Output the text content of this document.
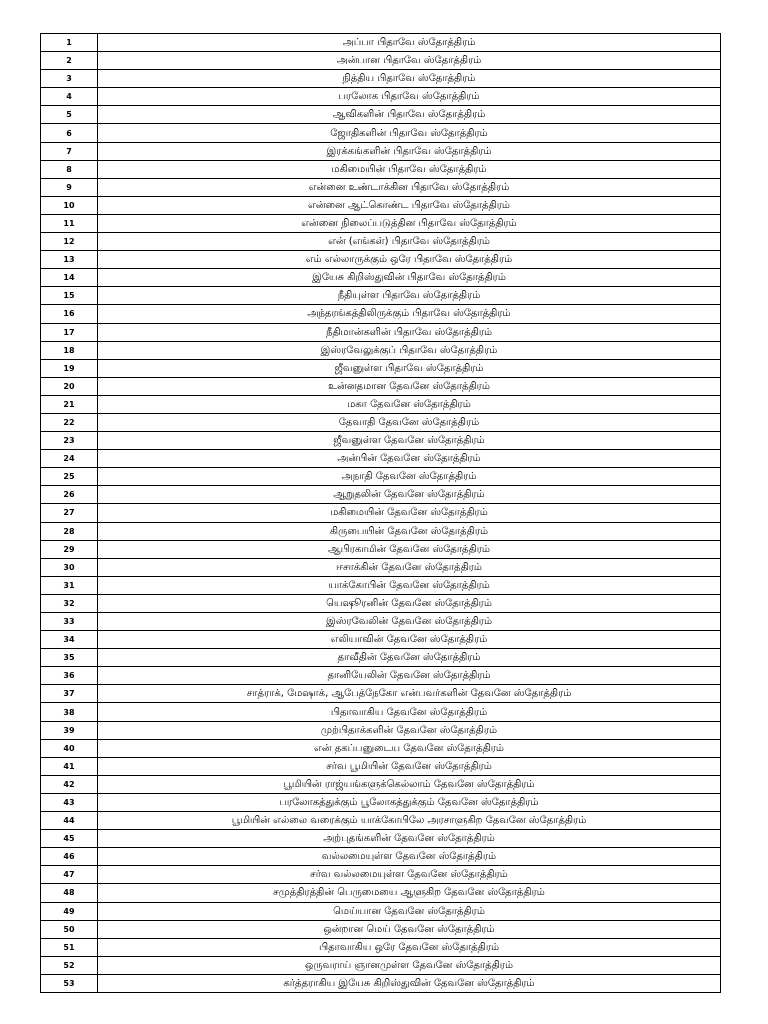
1	அப்பா பிதாவே ஸ்தோத்திரம்
2	அன்பான பிதாவே ஸ்தோத்திரம்
3	நித்திய பிதாவே ஸ்தோத்திரம்
4	பரலோக பிதாவே ஸ்தோத்திரம்
5	ஆவிகளின் பிதாவே ஸ்தோத்திரம்
6	ஜோதிகளின் பிதாவே ஸ்தோத்திரம்
7	இரக்கங்களின் பிதாவே ஸ்தோத்திரம்
8	மகிமையின் பிதாவே ஸ்தோத்திரம்
9	என்னை உண்டாக்கின பிதாவே ஸ்தோத்திரம்
10	என்னை ஆட்கொண்ட பிதாவே ஸ்தோத்திரம்
11	என்னை நிலைப்படுத்தின பிதாவே ஸ்தோத்திரம்
12	என் (எங்கள்) பிதாவே ஸ்தோத்திரம்
13	எம் எல்லாருக்கும் ஒரே பிதாவே ஸ்தோத்திரம்
14	இயேசு கிறிஸ்துவின் பிதாவே ஸ்தோத்திரம்
15	நீதியுள்ள பிதாவே ஸ்தோத்திரம்
16	அந்தரங்கத்திலிருக்கும் பிதாவே ஸ்தோத்திரம்
17	நீதிமான்களின் பிதாவே ஸ்தோத்திரம்
18	இஸ்ரவேலுக்குப் பிதாவே ஸ்தோத்திரம்
19	ஜீவனுள்ள பிதாவே ஸ்தோத்திரம்
20	உன்னதமான தேவனே ஸ்தோத்திரம்
21	மகா தேவனே ஸ்தோத்திரம்
22	தேவாதி தேவனே ஸ்தோத்திரம்
23	ஜீவனுள்ள தேவனே ஸ்தோத்திரம்
24	அன்பின் தேவனே ஸ்தோத்திரம்
25	அநாதி தேவனே ஸ்தோத்திரம்
26	ஆறுதலின் தேவனே ஸ்தோத்திரம்
27	மகிமையின் தேவனே ஸ்தோத்திரம்
28	கிருபையின் தேவனே ஸ்தோத்திரம்
29	ஆபிரகாமின் தேவனே ஸ்தோத்திரம்
30	ஈசாக்கின் தேவனே ஸ்தோத்திரம்
31	யாக்கோபின் தேவனே ஸ்தோத்திரம்
32	யெஷூரனின் தேவனே ஸ்தோத்திரம்
33	இஸ்ரவேலின் தேவனே ஸ்தோத்திரம்
34	எலியாவின் தேவனே ஸ்தோத்திரம்
35	தாவீதின் தேவனே ஸ்தோத்திரம்
36	தானியேலின் தேவனே ஸ்தோத்திரம்
37	சாத்ராக், மேஷாக், ஆபேத்நேகோ என்பவர்களின் தேவனே ஸ்தோத்திரம்
38	பிதாவாகிய தேவனே ஸ்தோத்திரம்
39	முற்பிதாக்களின் தேவனே ஸ்தோத்திரம்
40	என் தகப்பனுடைய தேவனே ஸ்தோத்திரம்
41	சர்வ பூமியின் தேவனே ஸ்தோத்திரம்
42	பூமியின் ராஜ்யங்களுக்கெல்லாம் தேவனே ஸ்தோத்திரம்
43	பரலோகத்துக்கும் பூலோகத்துக்கும் தேவனே ஸ்தோத்திரம்
44	பூமியின் எல்லை வரைக்கும் யாக்கோபிலே அரசாளுகிற தேவனே ஸ்தோத்திரம்
45	அற்புதங்களின் தேவனே ஸ்தோத்திரம்
46	வல்லமையுள்ள தேவனே ஸ்தோத்திரம்
47	சர்வ வல்லமையுள்ள தேவனே ஸ்தோத்திரம்
48	சமுத்திரத்தின் பெருமையை ஆளுகிற தேவனே ஸ்தோத்திரம்
49	மெய்யான தேவனே ஸ்தோத்திரம்
50	ஒன்றான மெய் தேவனே ஸ்தோத்திரம்
51	பிதாவாகிய ஒரே தேவனே ஸ்தோத்திரம்
52	ஒருவராய் ஞானமுள்ள தேவனே ஸ்தோத்திரம்
53	கர்த்தராகிய இயேசு கிறிஸ்துவின் தேவனே ஸ்தோத்திரம்
